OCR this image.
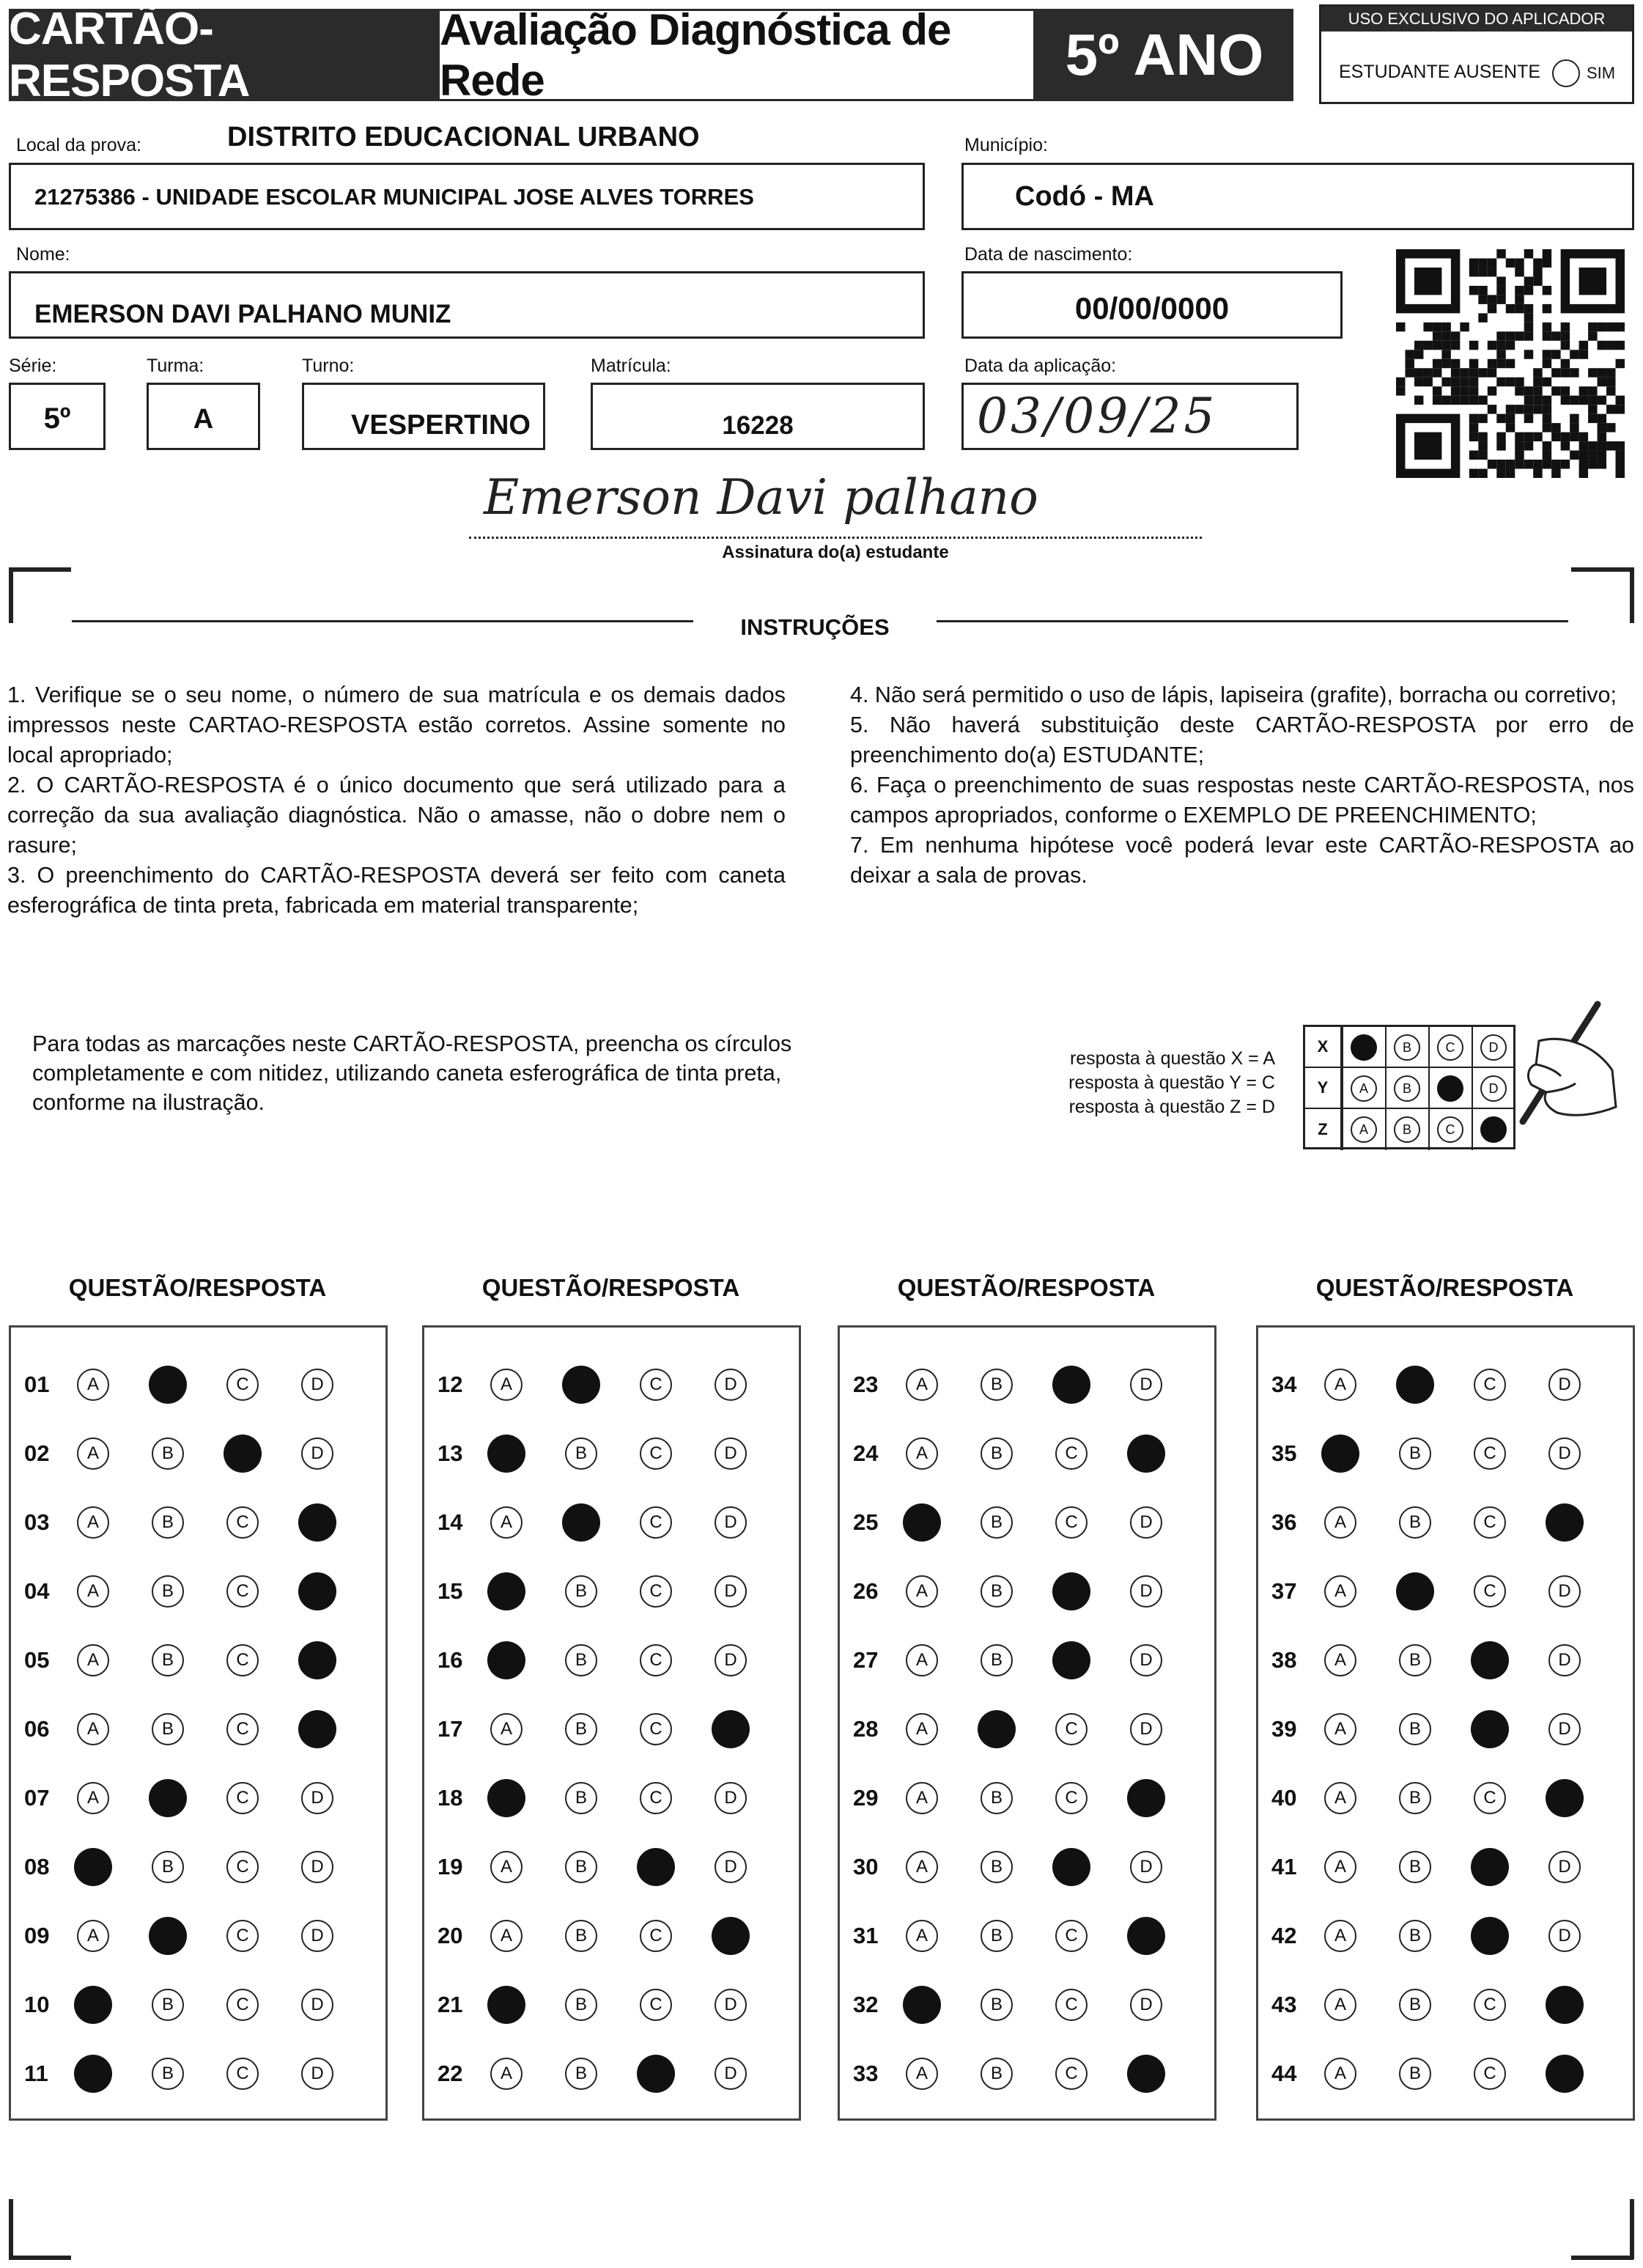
CARTÃO-RESPOSTA
Avaliação Diagnóstica de Rede	5º ANO
USO EXCLUSIVO DO APLICADOR
ESTUDANTE AUSENTE	SIM
Local da prova:	DISTRITO EDUCACIONAL URBANO
21275386 - UNIDADE ESCOLAR MUNICIPAL JOSE ALVES TORRES
Município:
Codó - MA
Nome:
EMERSON DAVI PALHANO MUNIZ
Data de nascimento:
00/00/0000
Série:	Turma:	Turno:	Matrícula:	Data da aplicação:
5º	A	VESPERTINO	16228	03/09/25
Emerson Davi palhano
Assinatura do(a) estudante
INSTRUÇÕES

1. Verifique se o seu nome, o número de sua matrícula e os demais dados impressos neste CARTAO-RESPOSTA estão corretos. Assine somente no local apropriado;

2. O CARTÃO-RESPOSTA é o único documento que será utilizado para a correção da sua avaliação diagnóstica. Não o amasse, não o dobre nem o rasure;

3. O preenchimento do CARTÃO-RESPOSTA deverá ser feito com caneta esferográfica de tinta preta, fabricada em material transparente;

4. Não será permitido o uso de lápis, lapiseira (grafite), borracha ou corretivo;

5. Não haverá substituição deste CARTÃO-RESPOSTA por erro de preenchimento do(a) ESTUDANTE;

6. Faça o preenchimento de suas respostas neste CARTÃO-RESPOSTA, nos campos apropriados, conforme o EXEMPLO DE PREENCHIMENTO;

7. Em nenhuma hipótese você poderá levar este CARTÃO-RESPOSTA ao deixar a sala de provas.

Para todas as marcações neste CARTÃO-RESPOSTA, preencha os círculos completamente e com nitidez, utilizando caneta esferográfica de tinta preta, conforme na ilustração.
resposta à questão X = A
resposta à questão Y = C
resposta à questão Z = D
X	A	B	C	D
Y	A	B	C	D
Z	A	B	C	D
QUESTÃO/RESPOSTA
01	A	B	C	D
02	A	B	C	D
03	A	B	C	D
04	A	B	C	D
05	A	B	C	D
06	A	B	C	D
07	A	B	C	D
08	A	B	C	D
09	A	B	C	D
10	A	B	C	D
11	A	B	C	D
QUESTÃO/RESPOSTA
12	A	B	C	D
13	A	B	C	D
14	A	B	C	D
15	A	B	C	D
16	A	B	C	D
17	A	B	C	D
18	A	B	C	D
19	A	B	C	D
20	A	B	C	D
21	A	B	C	D
22	A	B	C	D
QUESTÃO/RESPOSTA
23	A	B	C	D
24	A	B	C	D
25	A	B	C	D
26	A	B	C	D
27	A	B	C	D
28	A	B	C	D
29	A	B	C	D
30	A	B	C	D
31	A	B	C	D
32	A	B	C	D
33	A	B	C	D
QUESTÃO/RESPOSTA
34	A	B	C	D
35	A	B	C	D
36	A	B	C	D
37	A	B	C	D
38	A	B	C	D
39	A	B	C	D
40	A	B	C	D
41	A	B	C	D
42	A	B	C	D
43	A	B	C	D
44	A	B	C	D
